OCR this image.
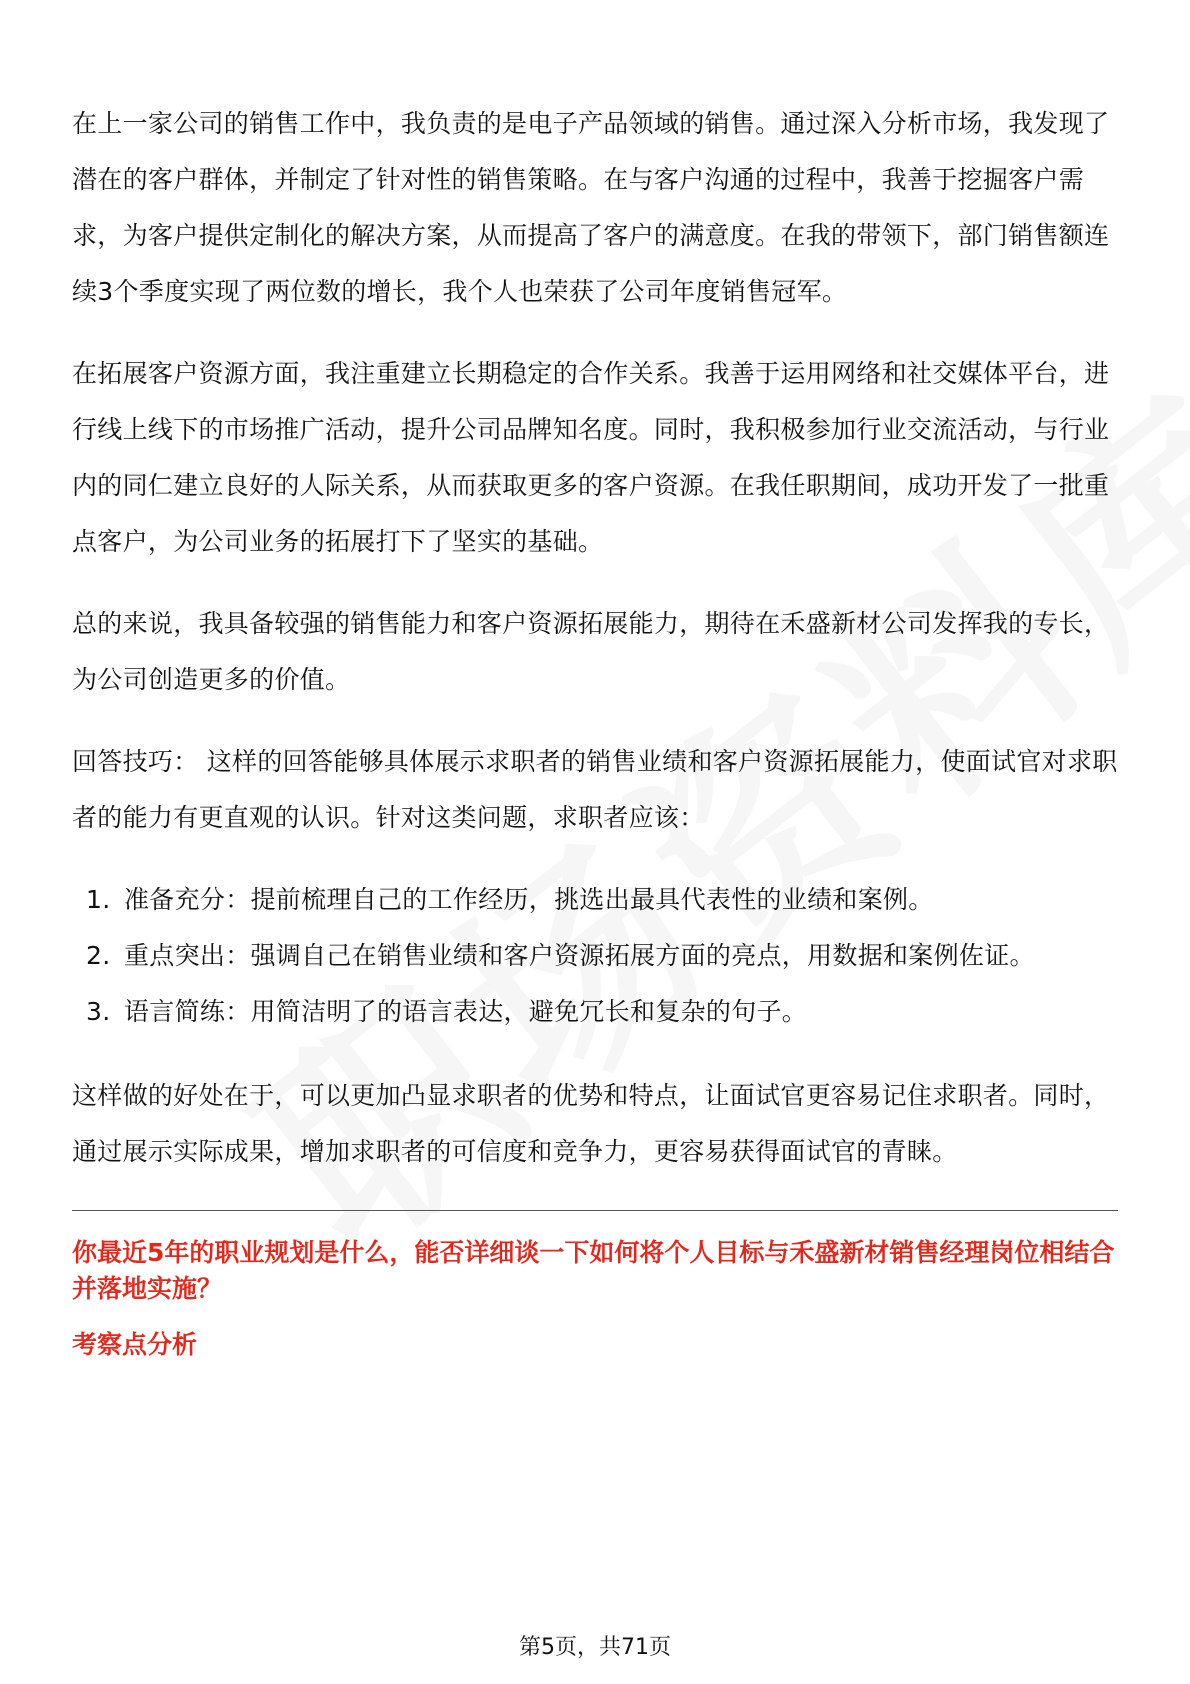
在上一家公司的销售工作中，我负责的是电子产品领域的销售。通过深入分析市场，我发现了潜在的客户群体，并制定了针对性的销售策略。在与客户沟通的过程中，我善于挖掘客户需求，为客户提供定制化的解决方案，从而提高了客户的满意度。在我的带领下，部门销售额连续3个季度实现了两位数的增长，我个人也荣获了公司年度销售冠军。

在拓展客户资源方面，我注重建立长期稳定的合作关系。我善于运用网络和社交媒体平台，进行线上线下的市场推广活动，提升公司品牌知名度。同时，我积极参加行业交流活动，与行业内的同仁建立良好的人际关系，从而获取更多的客户资源。在我任职期间，成功开发了一批重点客户，为公司业务的拓展打下了坚实的基础。

总的来说，我具备较强的销售能力和客户资源拓展能力，期待在禾盛新材公司发挥我的专长，为公司创造更多的价值。

回答技巧： 这样的回答能够具体展示求职者的销售业绩和客户资源拓展能力，使面试官对求职者的能力有更直观的认识。针对这类问题，求职者应该：

1. 准备充分：提前梳理自己的工作经历，挑选出最具代表性的业绩和案例。
2. 重点突出：强调自己在销售业绩和客户资源拓展方面的亮点，用数据和案例佐证。
3. 语言简练：用简洁明了的语言表达，避免冗长和复杂的句子。

这样做的好处在于，可以更加凸显求职者的优势和特点，让面试官更容易记住求职者。同时，通过展示实际成果，增加求职者的可信度和竞争力，更容易获得面试官的青睐。

你最近5年的职业规划是什么，能否详细谈一下如何将个人目标与禾盛新材销售经理岗位相结合并落地实施？

考察点分析

第5页，共71页
